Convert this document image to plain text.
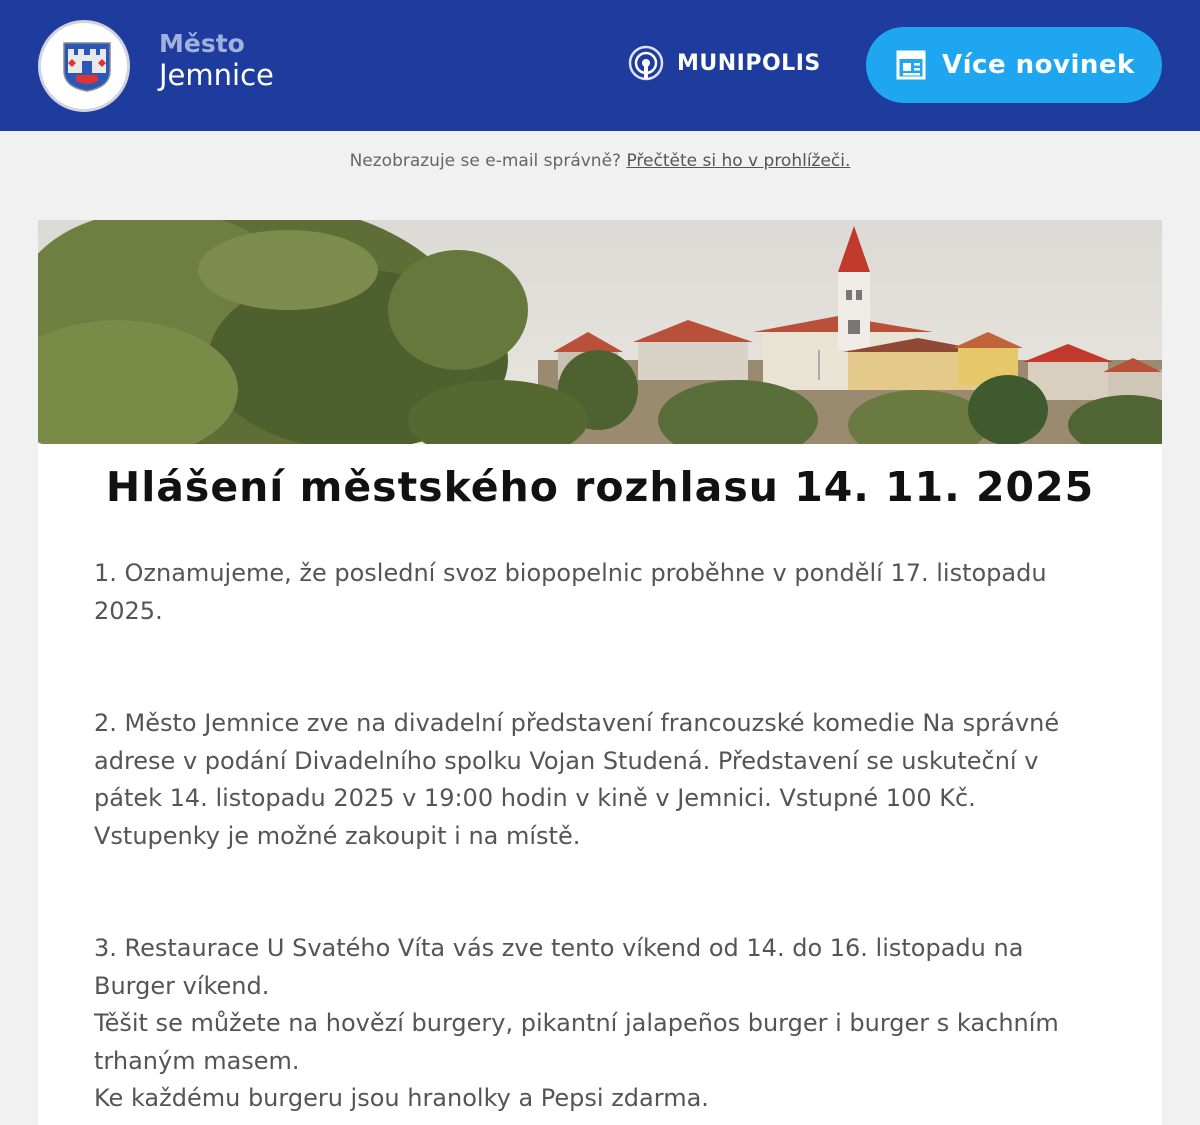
Město
Jemnice	MUNIPOLIS	Více novinek
Nezobrazuje se e-mail správně? Přečtěte si ho v prohlížeči.
Hlášení městského rozhlasu 14. 11. 2025

1. Oznamujeme, že poslední svoz biopopelnic proběhne v pondělí 17. listopadu 2025.

2. Město Jemnice zve na divadelní představení francouzské komedie Na správné adrese v podání Divadelního spolku Vojan Studená. Představení se uskuteční v pátek 14. listopadu 2025 v 19:00 hodin v kině v Jemnici. Vstupné 100 Kč. Vstupenky je možné zakoupit i na místě.

3. Restaurace U Svatého Víta vás zve tento víkend od 14. do 16. listopadu na Burger víkend.

Těšit se můžete na hovězí burgery, pikantní jalapeños burger i burger s kachním trhaným masem.

Ke každému burgeru jsou hranolky a Pepsi zdarma.
